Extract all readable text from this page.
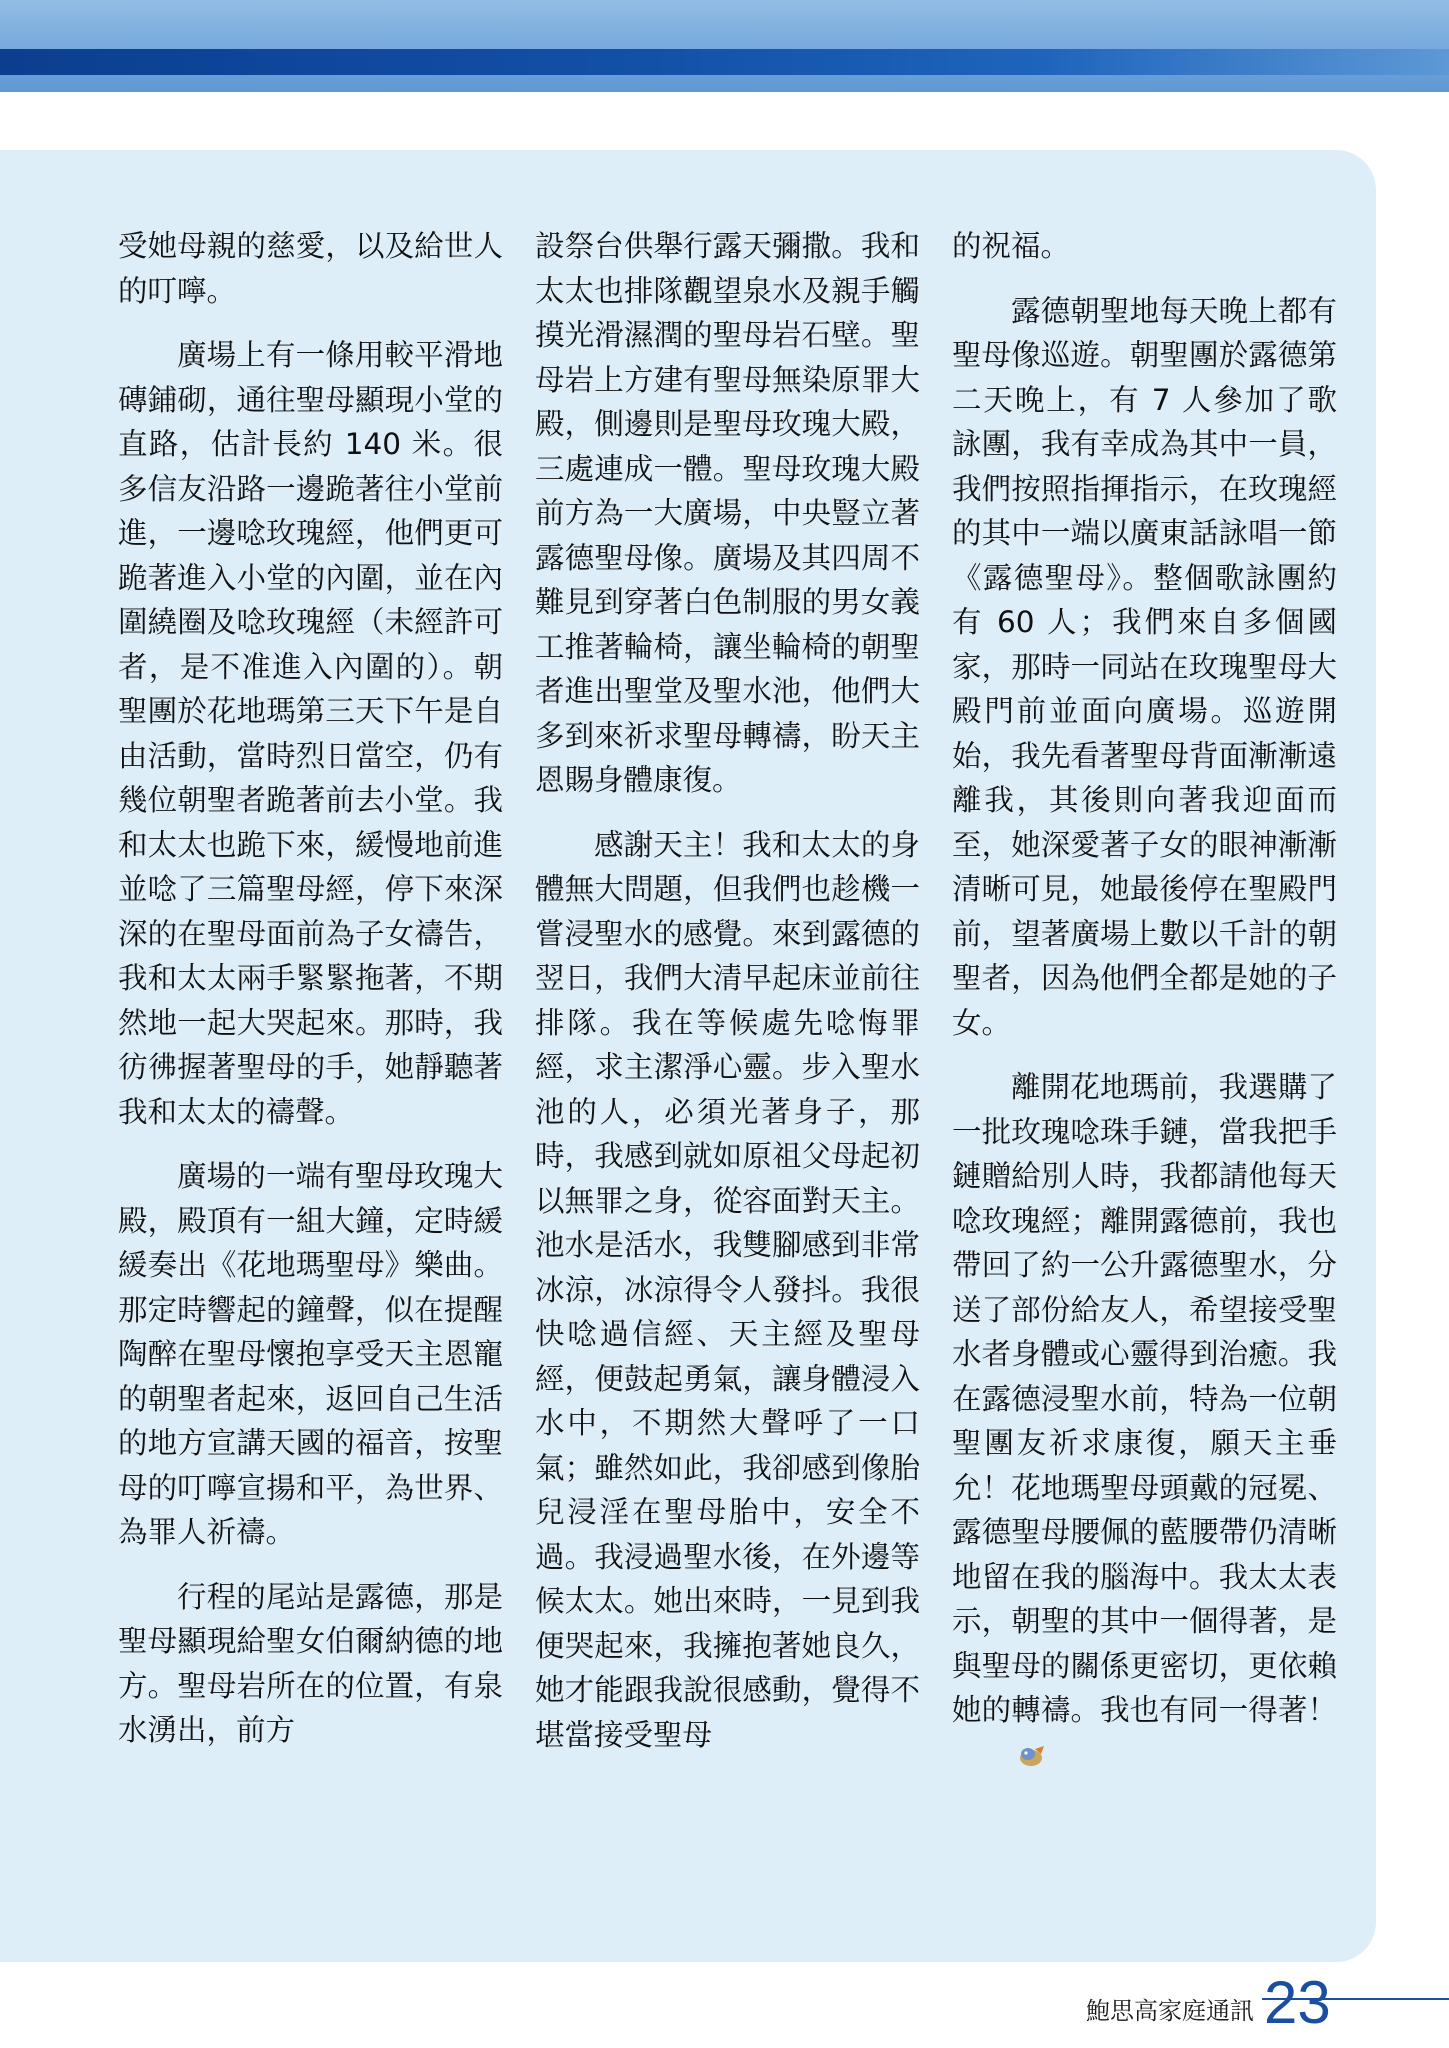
受她母親的慈愛，以及給世人的叮嚀。

廣場上有一條用較平滑地磚鋪砌，通往聖母顯現小堂的直路，估計長約 140 米。很多信友沿路一邊跪著往小堂前進，一邊唸玫瑰經，他們更可跪著進入小堂的內圍，並在內圍繞圈及唸玫瑰經（未經許可者，是不准進入內圍的）。朝聖團於花地瑪第三天下午是自由活動，當時烈日當空，仍有幾位朝聖者跪著前去小堂。我和太太也跪下來，緩慢地前進並唸了三篇聖母經，停下來深深的在聖母面前為子女禱告，我和太太兩手緊緊拖著，不期然地一起大哭起來。那時，我彷彿握著聖母的手，她靜聽著我和太太的禱聲。

廣場的一端有聖母玫瑰大殿，殿頂有一組大鐘，定時緩緩奏出《花地瑪聖母》樂曲。那定時響起的鐘聲，似在提醒陶醉在聖母懷抱享受天主恩寵的朝聖者起來，返回自己生活的地方宣講天國的福音，按聖母的叮嚀宣揚和平，為世界、為罪人祈禱。

行程的尾站是露德，那是聖母顯現給聖女伯爾納德的地方。聖母岩所在的位置，有泉水湧出，前方

設祭台供舉行露天彌撒。我和太太也排隊觀望泉水及親手觸摸光滑濕潤的聖母岩石壁。聖母岩上方建有聖母無染原罪大殿，側邊則是聖母玫瑰大殿，三處連成一體。聖母玫瑰大殿前方為一大廣場，中央豎立著露德聖母像。廣場及其四周不難見到穿著白色制服的男女義工推著輪椅，讓坐輪椅的朝聖者進出聖堂及聖水池，他們大多到來祈求聖母轉禱，盼天主恩賜身體康復。

感謝天主！我和太太的身體無大問題，但我們也趁機一嘗浸聖水的感覺。來到露德的翌日，我們大清早起床並前往排隊。我在等候處先唸悔罪經，求主潔淨心靈。步入聖水池的人，必須光著身子，那時，我感到就如原祖父母起初以無罪之身，從容面對天主。池水是活水，我雙腳感到非常冰涼，冰涼得令人發抖。我很快唸過信經、天主經及聖母經，便鼓起勇氣，讓身體浸入水中，不期然大聲呼了一口氣；雖然如此，我卻感到像胎兒浸淫在聖母胎中，安全不過。我浸過聖水後，在外邊等候太太。她出來時，一見到我便哭起來，我擁抱著她良久，她才能跟我說很感動，覺得不堪當接受聖母

的祝福。

露德朝聖地每天晚上都有聖母像巡遊。朝聖團於露德第二天晚上，有 7 人參加了歌詠團，我有幸成為其中一員，我們按照指揮指示，在玫瑰經的其中一端以廣東話詠唱一節《露德聖母》。整個歌詠團約有 60 人；我們來自多個國家，那時一同站在玫瑰聖母大殿門前並面向廣場。巡遊開始，我先看著聖母背面漸漸遠離我，其後則向著我迎面而至，她深愛著子女的眼神漸漸清晰可見，她最後停在聖殿門前，望著廣場上數以千計的朝聖者，因為他們全都是她的子女。

離開花地瑪前，我選購了一批玫瑰唸珠手鏈，當我把手鏈贈給別人時，我都請他每天唸玫瑰經；離開露德前，我也帶回了約一公升露德聖水，分送了部份給友人，希望接受聖水者身體或心靈得到治癒。我在露德浸聖水前，特為一位朝聖團友祈求康復，願天主垂允！花地瑪聖母頭戴的冠冕、露德聖母腰佩的藍腰帶仍清晰地留在我的腦海中。我太太表示，朝聖的其中一個得著，是與聖母的關係更密切，更依賴她的轉禱。我也有同一得著！

鮑思高家庭通訊 23
